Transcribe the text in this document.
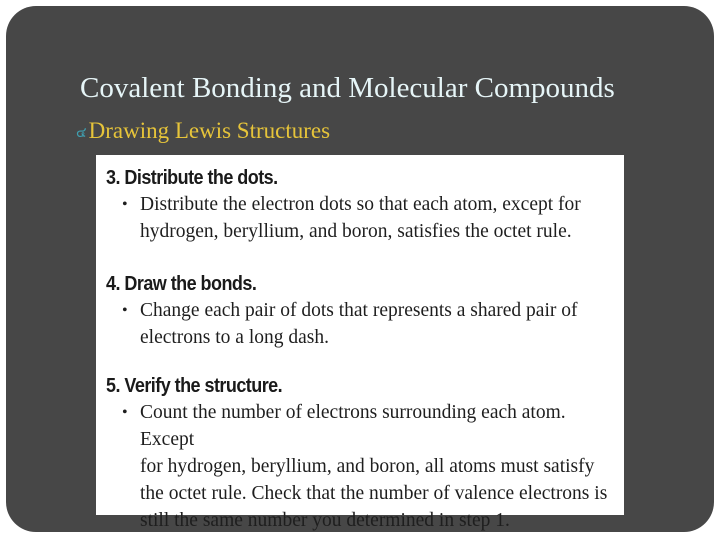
Covalent Bonding and Molecular Compounds
๔ Drawing Lewis Structures
3. Distribute the dots.
• Distribute the electron dots so that each atom, except for
hydrogen, beryllium, and boron, satisfies the octet rule.
4. Draw the bonds.
• Change each pair of dots that represents a shared pair of
electrons to a long dash.
5. Verify the structure.
• Count the number of electrons surrounding each atom. Except
for hydrogen, beryllium, and boron, all atoms must satisfy
the octet rule. Check that the number of valence electrons is
still the same number you determined in step 1.
